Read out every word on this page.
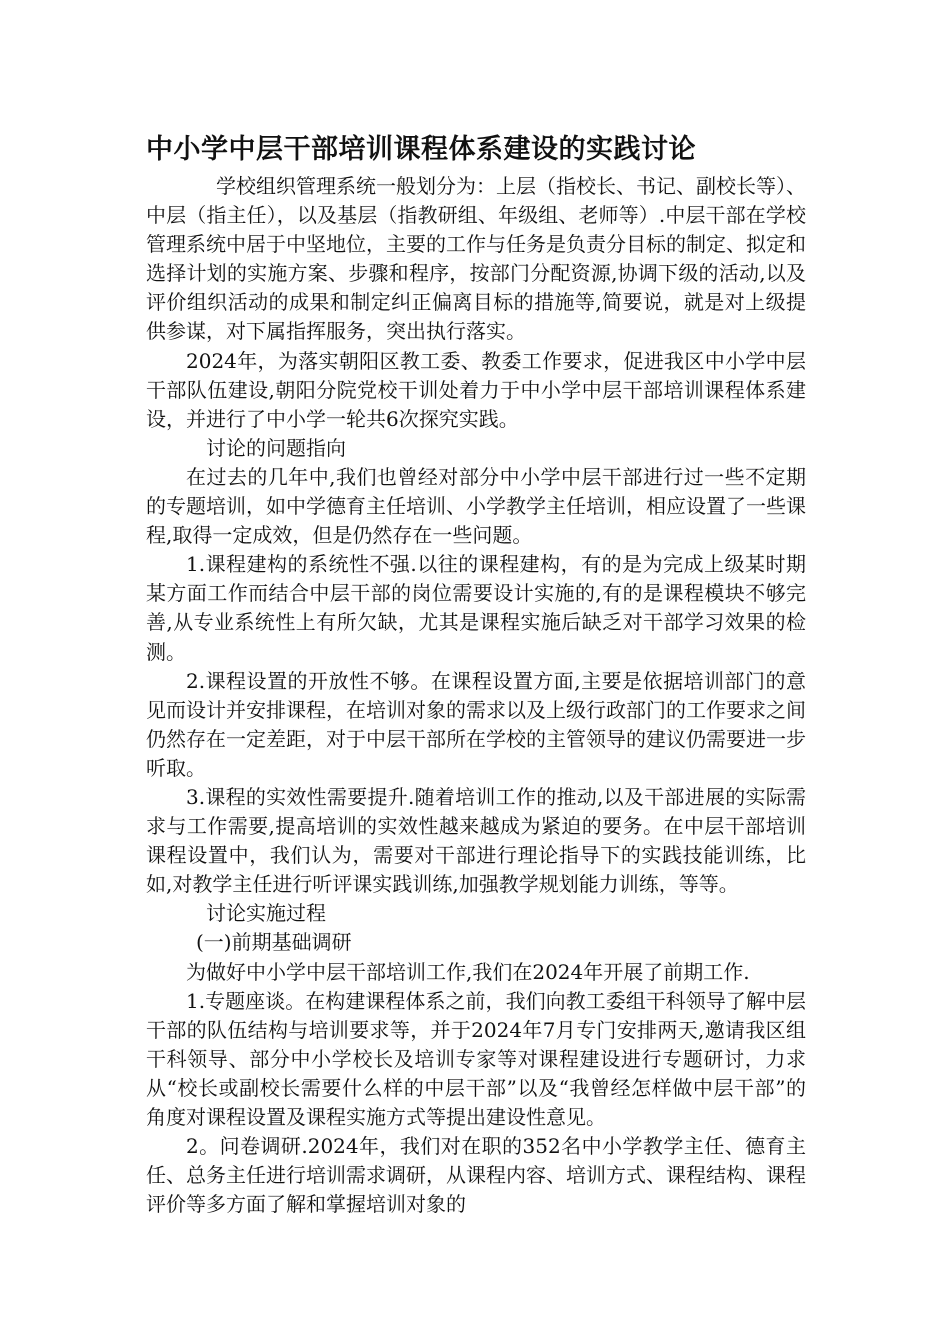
中小学中层干部培训课程体系建设的实践讨论

学校组织管理系统一般划分为：上层（指校长、书记、副校长等）、中层（指主任），以及基层（指教研组、年级组、老师等）.中层干部在学校管理系统中居于中坚地位，主要的工作与任务是负责分目标的制定、拟定和选择计划的实施方案、步骤和程序，按部门分配资源,协调下级的活动,以及评价组织活动的成果和制定纠正偏离目标的措施等,简要说，就是对上级提供参谋，对下属指挥服务，突出执行落实。

2024年，为落实朝阳区教工委、教委工作要求，促进我区中小学中层干部队伍建设,朝阳分院党校干训处着力于中小学中层干部培训课程体系建设，并进行了中小学一轮共6次探究实践。

讨论的问题指向

在过去的几年中,我们也曾经对部分中小学中层干部进行过一些不定期的专题培训，如中学德育主任培训、小学教学主任培训，相应设置了一些课程,取得一定成效，但是仍然存在一些问题。

1.课程建构的系统性不强.以往的课程建构，有的是为完成上级某时期某方面工作而结合中层干部的岗位需要设计实施的,有的是课程模块不够完善,从专业系统性上有所欠缺，尤其是课程实施后缺乏对干部学习效果的检测。

2.课程设置的开放性不够。在课程设置方面,主要是依据培训部门的意见而设计并安排课程，在培训对象的需求以及上级行政部门的工作要求之间仍然存在一定差距，对于中层干部所在学校的主管领导的建议仍需要进一步听取。

3.课程的实效性需要提升.随着培训工作的推动,以及干部进展的实际需求与工作需要,提高培训的实效性越来越成为紧迫的要务。在中层干部培训课程设置中，我们认为，需要对干部进行理论指导下的实践技能训练，比如,对教学主任进行听评课实践训练,加强教学规划能力训练，等等。

讨论实施过程

(一)前期基础调研

为做好中小学中层干部培训工作,我们在2024年开展了前期工作.

1.专题座谈。在构建课程体系之前，我们向教工委组干科领导了解中层干部的队伍结构与培训要求等，并于2024年7月专门安排两天,邀请我区组干科领导、部分中小学校长及培训专家等对课程建设进行专题研讨，力求从“校长或副校长需要什么样的中层干部”以及“我曾经怎样做中层干部”的角度对课程设置及课程实施方式等提出建设性意见。

2。问卷调研.2024年，我们对在职的352名中小学教学主任、德育主任、总务主任进行培训需求调研，从课程内容、培训方式、课程结构、课程评价等多方面了解和掌握培训对象的
